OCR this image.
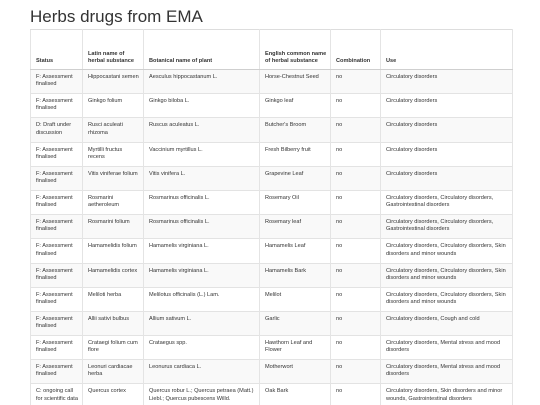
Herbs drugs from EMA
Status	Latin name of herbal substance	Botanical name of plant	English common name of herbal substance	Combination	Use
F: Assessment finalised	Hippocastani semen	Aesculus hippocastanum L.	Horse-Chestnut Seed	no	Circulatory disorders
F: Assessment finalised	Ginkgo folium	Ginkgo biloba L.	Ginkgo leaf	no	Circulatory disorders
D: Draft under discussion	Rusci aculeati rhizoma	Ruscus aculeatus L.	Butcher's Broom	no	Circulatory disorders
F: Assessment finalised	Myrtilli fructus recens	Vaccinium myrtillus L.	Fresh Bilberry fruit	no	Circulatory disorders
F: Assessment finalised	Vitis viniferae folium	Vitis vinifera L.	Grapevine Leaf	no	Circulatory disorders
F: Assessment finalised	Rosmarini aetheroleum	Rosmarinus officinalis L.	Rosemary Oil	no	Circulatory disorders, Circulatory disorders, Gastrointestinal disorders
F: Assessment finalised	Rosmarini folium	Rosmarinus officinalis L.	Rosemary leaf	no	Circulatory disorders, Circulatory disorders, Gastrointestinal disorders
F: Assessment finalised	Hamamelidis folium	Hamamelis virginiana L.	Hamamelis Leaf	no	Circulatory disorders, Circulatory disorders, Skin disorders and minor wounds
F: Assessment finalised	Hamamelidis cortex	Hamamelis virginiana L.	Hamamelis Bark	no	Circulatory disorders, Circulatory disorders, Skin disorders and minor wounds
F: Assessment finalised	Meliloti herba	Melilotus officinalis (L.) Lam.	Melilot	no	Circulatory disorders, Circulatory disorders, Skin disorders and minor wounds
F: Assessment finalised	Allii sativi bulbus	Allium sativum L.	Garlic	no	Circulatory disorders, Cough and cold
F: Assessment finalised	Crataegi folium cum flore	Crataegus spp.	Hawthorn Leaf and Flower	no	Circulatory disorders, Mental stress and mood disorders
F: Assessment finalised	Leonuri cardiacae herba	Leonurus cardiaca L.	Motherwort	no	Circulatory disorders, Mental stress and mood disorders
C: ongoing call for scientific data	Quercus cortex	Quercus robur L.; Quercus petraea (Matt.) Liebl.; Quercus pubescens Willd.	Oak Bark	no	Circulatory disorders, Skin disorders and minor wounds, Gastrointestinal disorders
